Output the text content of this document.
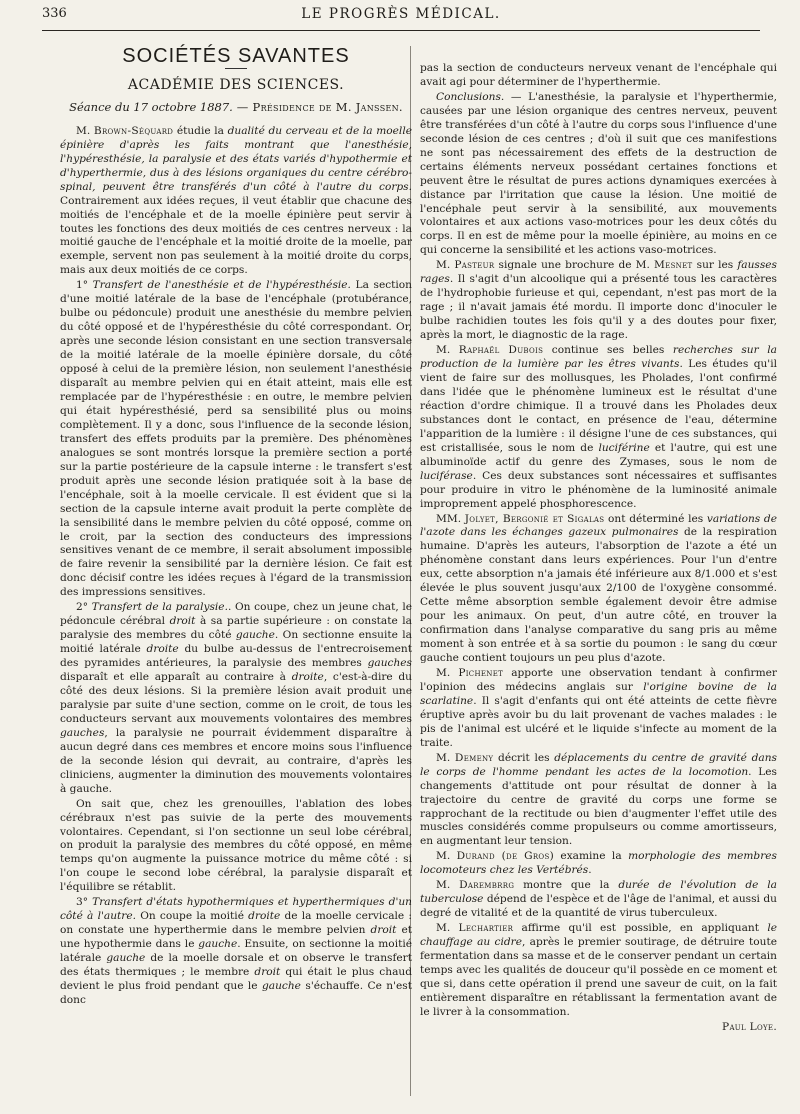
336	LE PROGRÈS MÉDICAL.
SOCIÉTÉS SAVANTES
ACADÉMIE DES SCIENCES.
Séance du 17 octobre 1887. — Présidence de M. Janssen.

M. Brown-Séquard étudie la dualité du cerveau et de la moelle épinière d'après les faits montrant que l'anesthésie, l'hypéresthésie, la paralysie et des états variés d'hypothermie et d'hyperthermie, dus à des lésions organiques du centre cérébro-spinal, peuvent être transférés d'un côté à l'autre du corps. Contrairement aux idées reçues, il veut établir que chacune des moitiés de l'encéphale et de la moelle épinière peut servir à toutes les fonctions des deux moitiés de ces centres nerveux : la moitié gauche de l'encéphale et la moitié droite de la moelle, par exemple, servent non pas seulement à la moitié droite du corps, mais aux deux moitiés de ce corps.

1° Transfert de l'anesthésie et de l'hypéresthésie. La section d'une moitié latérale de la base de l'encéphale (protubérance, bulbe ou pédoncule) produit une anesthésie du membre pelvien du côté opposé et de l'hypéresthésie du côté correspondant. Or, après une seconde lésion consistant en une section transversale de la moitié latérale de la moelle épinière dorsale, du côté opposé à celui de la première lésion, non seulement l'anesthésie disparaît au membre pelvien qui en était atteint, mais elle est remplacée par de l'hypéresthésie : en outre, le membre pelvien qui était hypéresthésié, perd sa sensibilité plus ou moins complètement. Il y a donc, sous l'influence de la seconde lésion, transfert des effets produits par la première. Des phénomènes analogues se sont montrés lorsque la première section a porté sur la partie postérieure de la capsule interne : le transfert s'est produit après une seconde lésion pratiquée soit à la base de l'encéphale, soit à la moelle cervicale. Il est évident que si la section de la capsule interne avait produit la perte complète de la sensibilité dans le membre pelvien du côté opposé, comme on le croit, par la section des conducteurs des impressions sensitives venant de ce membre, il serait absolument impossible de faire revenir la sensibilité par la dernière lésion. Ce fait est donc décisif contre les idées reçues à l'égard de la transmission des impressions sensitives.

2° Transfert de la paralysie.. On coupe, chez un jeune chat, le pédoncule cérébral droit à sa partie supérieure : on constate la paralysie des membres du côté gauche. On sectionne ensuite la moitié latérale droite du bulbe au-dessus de l'entrecroisement des pyramides antérieures, la paralysie des membres gauches disparaît et elle apparaît au contraire à droite, c'est-à-dire du côté des deux lésions. Si la première lésion avait produit une paralysie par suite d'une section, comme on le croit, de tous les conducteurs servant aux mouvements volontaires des membres gauches, la paralysie ne pourrait évidemment disparaître à aucun degré dans ces membres et encore moins sous l'influence de la seconde lésion qui devrait, au contraire, d'après les cliniciens, augmenter la diminution des mouvements volontaires à gauche.

On sait que, chez les grenouilles, l'ablation des lobes cérébraux n'est pas suivie de la perte des mouvements volontaires. Cependant, si l'on sectionne un seul lobe cérébral, on produit la paralysie des membres du côté opposé, en même temps qu'on augmente la puissance motrice du même côté : si l'on coupe le second lobe cérébral, la paralysie disparaît et l'équilibre se rétablit.

3° Transfert d'états hypothermiques et hyperthermiques d'un côté à l'autre. On coupe la moitié droite de la moelle cervicale : on constate une hyperthermie dans le membre pelvien droit et une hypothermie dans le gauche. Ensuite, on sectionne la moitié latérale gauche de la moelle dorsale et on observe le transfert des états thermiques ; le membre droit qui était le plus chaud devient le plus froid pendant que le gauche s'échauffe. Ce n'est donc

pas la section de conducteurs nerveux venant de l'encéphale qui avait agi pour déterminer de l'hyperthermie.

Conclusions. — L'anesthésie, la paralysie et l'hyperthermie, causées par une lésion organique des centres nerveux, peuvent être transférées d'un côté à l'autre du corps sous l'influence d'une seconde lésion de ces centres ; d'où il suit que ces manifestions ne sont pas nécessairement des effets de la destruction de certains éléments nerveux possédant certaines fonctions et peuvent être le résultat de pures actions dynamiques exercées à distance par l'irritation que cause la lésion. Une moitié de l'encéphale peut servir à la sensibilité, aux mouvements volontaires et aux actions vaso-motrices pour les deux côtés du corps. Il en est de même pour la moelle épinière, au moins en ce qui concerne la sensibilité et les actions vaso-motrices.

M. Pasteur signale une brochure de M. Mesnet sur les fausses rages. Il s'agit d'un alcoolique qui a présenté tous les caractères de l'hydrophobie furieuse et qui, cependant, n'est pas mort de la rage ; il n'avait jamais été mordu. Il importe donc d'inoculer le bulbe rachidien toutes les fois qu'il y a des doutes pour fixer, après la mort, le diagnostic de la rage.

M. Raphaël Dubois continue ses belles recherches sur la production de la lumière par les êtres vivants. Les études qu'il vient de faire sur des mollusques, les Pholades, l'ont confirmé dans l'idée que le phénomène lumineux est le résultat d'une réaction d'ordre chimique. Il a trouvé dans les Pholades deux substances dont le contact, en présence de l'eau, détermine l'apparition de la lumière : il désigne l'une de ces substances, qui est cristallisée, sous le nom de luciférine et l'autre, qui est une albuminoïde actif du genre des Zymases, sous le nom de luciférase. Ces deux substances sont nécessaires et suffisantes pour produire in vitro le phénomène de la luminosité animale improprement appelé phosphorescence.

MM. Jolyet, Bergonié et Sigalas ont déterminé les variations de l'azote dans les échanges gazeux pulmonaires de la respiration humaine. D'après les auteurs, l'absorption de l'azote a été un phénomène constant dans leurs expériences. Pour l'un d'entre eux, cette absorption n'a jamais été inférieure aux 8/1.000 et s'est élevée le plus souvent jusqu'aux 2/100 de l'oxygène consommé. Cette même absorption semble également devoir être admise pour les animaux. On peut, d'un autre côté, en trouver la confirmation dans l'analyse comparative du sang pris au même moment à son entrée et à sa sortie du poumon : le sang du cœur gauche contient toujours un peu plus d'azote.

M. Pichenet apporte une observation tendant à confirmer l'opinion des médecins anglais sur l'origine bovine de la scarlatine. Il s'agit d'enfants qui ont été atteints de cette fièvre éruptive après avoir bu du lait provenant de vaches malades : le pis de l'animal est ulcéré et le liquide s'infecte au moment de la traite.

M. Demeny décrit les déplacements du centre de gravité dans le corps de l'homme pendant les actes de la locomotion. Les changements d'attitude ont pour résultat de donner à la trajectoire du centre de gravité du corps une forme se rapprochant de la rectitude ou bien d'augmenter l'effet utile des muscles considérés comme propulseurs ou comme amortisseurs, en augmentant leur tension.

M. Durand (de Gros) examine la morphologie des membres locomoteurs chez les Vertébrés.

M. Darembrrg montre que la durée de l'évolution de la tuberculose dépend de l'espèce et de l'âge de l'animal, et aussi du degré de vitalité et de la quantité de virus tuberculeux.

M. Lechartier affirme qu'il est possible, en appliquant le chauffage au cidre, après le premier soutirage, de détruire toute fermentation dans sa masse et de le conserver pendant un certain temps avec les qualités de douceur qu'il possède en ce moment et que si, dans cette opération il prend une saveur de cuit, on la fait entièrement disparaître en rétablissant la fermentation avant de le livrer à la consommation.

Paul Loye.
